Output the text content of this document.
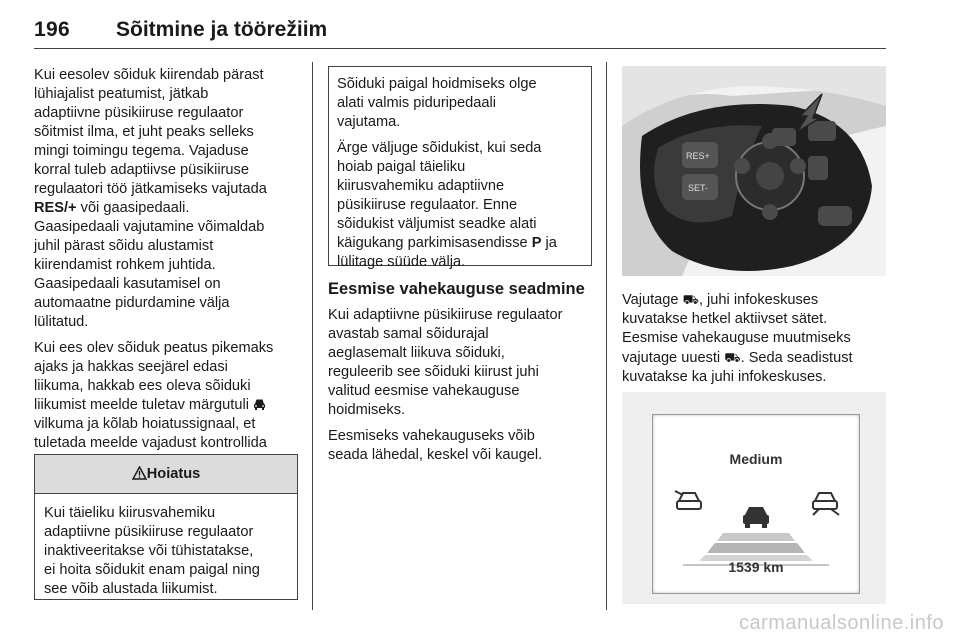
196 Sõitmine ja töörežiim

Kui eesolev sõiduk kiirendab pärast
lühiajalist peatumist, jätkab
adaptiivne püsikiiruse regulaator
sõitmist ilma, et juht peaks selleks
mingi toimingu tegema. Vajaduse
korral tuleb adaptiivse püsikiiruse
regulaatori töö jätkamiseks vajutada
RES/+ või gaasipedaali.
Gaasipedaali vajutamine võimaldab
juhil pärast sõidu alustamist
kiirendamist rohkem juhtida.
Gaasipedaali kasutamisel on
automaatne pidurdamine välja
lülitatud.

Kui ees olev sõiduk peatus pikemaks
ajaks ja hakkas seejärel edasi
liikuma, hakkab ees oleva sõiduki
liikumist meelde tuletav märgutuli
vilkuma ja kõlab hoiatussignaal, et
tuletada meelde vajadust kontrollida

Hoiatus
Kui täieliku kiirusvahemiku
adaptiivne püsikiiruse regulaator
inaktiveeritakse või tühistatakse,
ei hoita sõidukit enam paigal ning
see võib alustada liikumist.

Sõiduki paigal hoidmiseks olge
alati valmis piduripedaali
vajutama.

Ärge väljuge sõidukist, kui seda
hoiab paigal täieliku
kiirusvahemiku adaptiivne
püsikiiruse regulaator. Enne
sõidukist väljumist seadke alati
käigukang parkimisasendisse P ja
lülitage süüde välja.

Eesmise vahekauguse seadmine

Kui adaptiivne püsikiiruse regulaator
avastab samal sõidurajal
aeglasemalt liikuva sõiduki,
reguleerib see sõiduki kiirust juhi
valitud eesmise vahekauguse
hoidmiseks.

Eesmiseks vahekauguseks võib
seada lähedal, keskel või kaugel.

RES+
SET-

Vajutage ⛟, juhi infokeskuses
kuvatakse hetkel aktiivset sätet.
Eesmise vahekauguse muutmiseks
vajutage uuesti ⛟. Seda seadistust
kuvatakse ka juhi infokeskuses.

Medium
1539 km
carmanualsonline.info
